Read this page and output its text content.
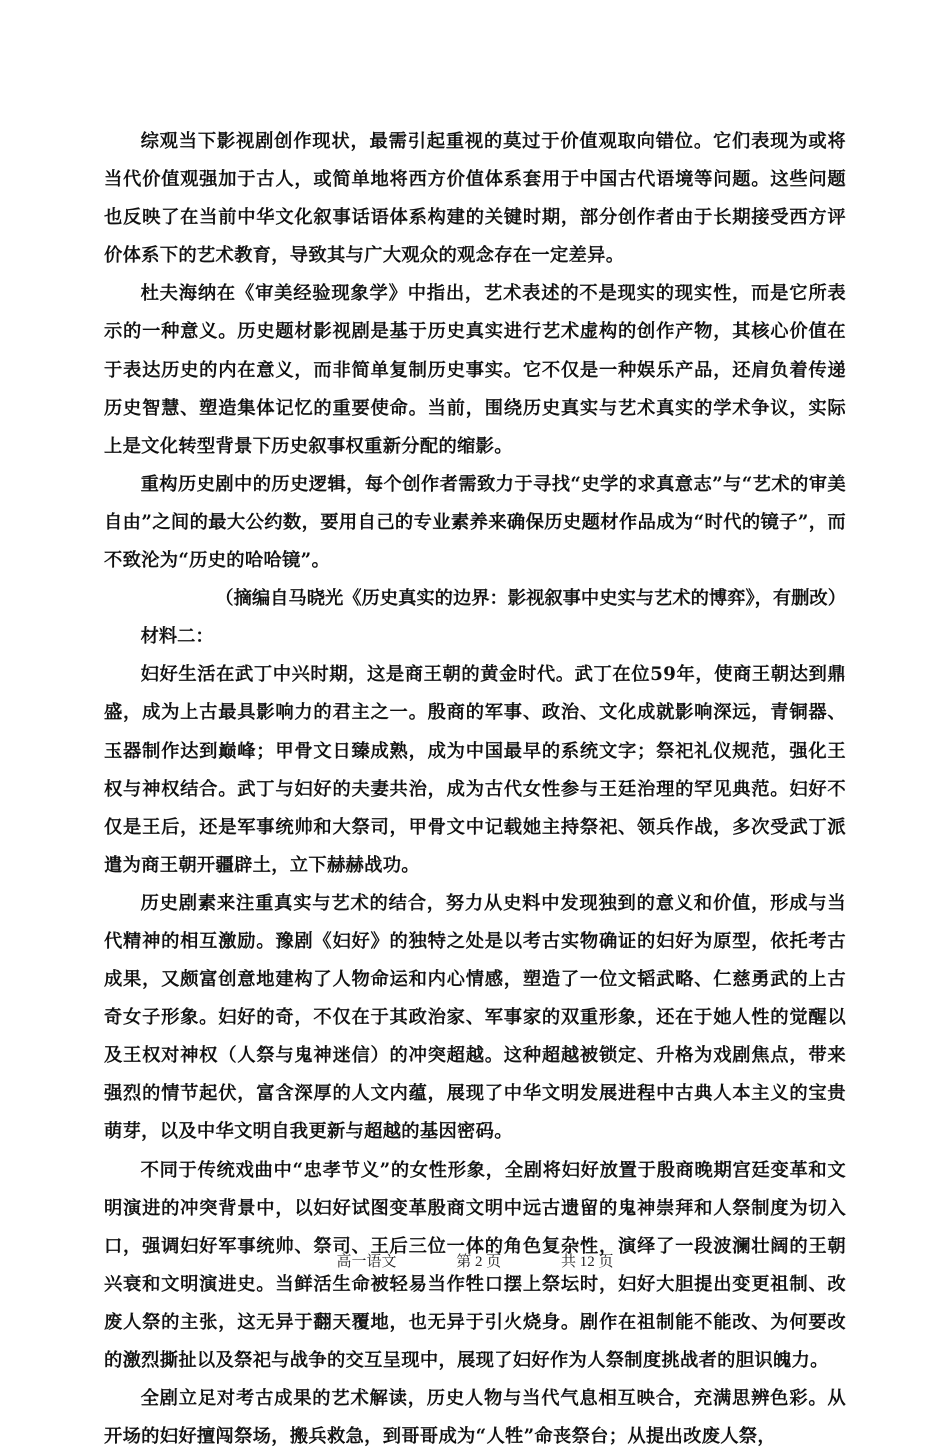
综观当下影视剧创作现状，最需引起重视的莫过于价值观取向错位。它们表现为或将当代价值观强加于古人，或简单地将西方价值体系套用于中国古代语境等问题。这些问题也反映了在当前中华文化叙事话语体系构建的关键时期，部分创作者由于长期接受西方评价体系下的艺术教育，导致其与广大观众的观念存在一定差异。

杜夫海纳在《审美经验现象学》中指出，艺术表述的不是现实的现实性，而是它所表示的一种意义。历史题材影视剧是基于历史真实进行艺术虚构的创作产物，其核心价值在于表达历史的内在意义，而非简单复制历史事实。它不仅是一种娱乐产品，还肩负着传递历史智慧、塑造集体记忆的重要使命。当前，围绕历史真实与艺术真实的学术争议，实际上是文化转型背景下历史叙事权重新分配的缩影。

重构历史剧中的历史逻辑，每个创作者需致力于寻找“史学的求真意志”与“艺术的审美自由”之间的最大公约数，要用自己的专业素养来确保历史题材作品成为“时代的镜子”，而不致沦为“历史的哈哈镜”。

（摘编自马晓光《历史真实的边界：影视叙事中史实与艺术的博弈》，有删改）

材料二：

妇好生活在武丁中兴时期，这是商王朝的黄金时代。武丁在位59年，使商王朝达到鼎盛，成为上古最具影响力的君主之一。殷商的军事、政治、文化成就影响深远，青铜器、玉器制作达到巅峰；甲骨文日臻成熟，成为中国最早的系统文字；祭祀礼仪规范，强化王权与神权结合。武丁与妇好的夫妻共治，成为古代女性参与王廷治理的罕见典范。妇好不仅是王后，还是军事统帅和大祭司，甲骨文中记载她主持祭祀、领兵作战，多次受武丁派遣为商王朝开疆辟土，立下赫赫战功。

历史剧素来注重真实与艺术的结合，努力从史料中发现独到的意义和价值，形成与当代精神的相互激励。豫剧《妇好》的独特之处是以考古实物确证的妇好为原型，依托考古成果，又颇富创意地建构了人物命运和内心情感，塑造了一位文韬武略、仁慈勇武的上古奇女子形象。妇好的奇，不仅在于其政治家、军事家的双重形象，还在于她人性的觉醒以及王权对神权（人祭与鬼神迷信）的冲突超越。这种超越被锁定、升格为戏剧焦点，带来强烈的情节起伏，富含深厚的人文内蕴，展现了中华文明发展进程中古典人本主义的宝贵萌芽，以及中华文明自我更新与超越的基因密码。

不同于传统戏曲中“忠孝节义”的女性形象，全剧将妇好放置于殷商晚期宫廷变革和文明演进的冲突背景中，以妇好试图变革殷商文明中远古遗留的鬼神崇拜和人祭制度为切入口，强调妇好军事统帅、祭司、王后三位一体的角色复杂性，演绎了一段波澜壮阔的王朝兴衰和文明演进史。当鲜活生命被轻易当作牲口摆上祭坛时，妇好大胆提出变更祖制、改废人祭的主张，这无异于翻天覆地，也无异于引火烧身。剧作在祖制能不能改、为何要改的激烈撕扯以及祭祀与战争的交互呈现中，展现了妇好作为人祭制度挑战者的胆识魄力。

全剧立足对考古成果的艺术解读，历史人物与当代气息相互映合，充满思辨色彩。从开场的妇好擅闯祭场，搬兵救急，到哥哥成为“人牲”命丧祭台；从提出改废人祭，

高一语文	第 2 页	共 12 页
